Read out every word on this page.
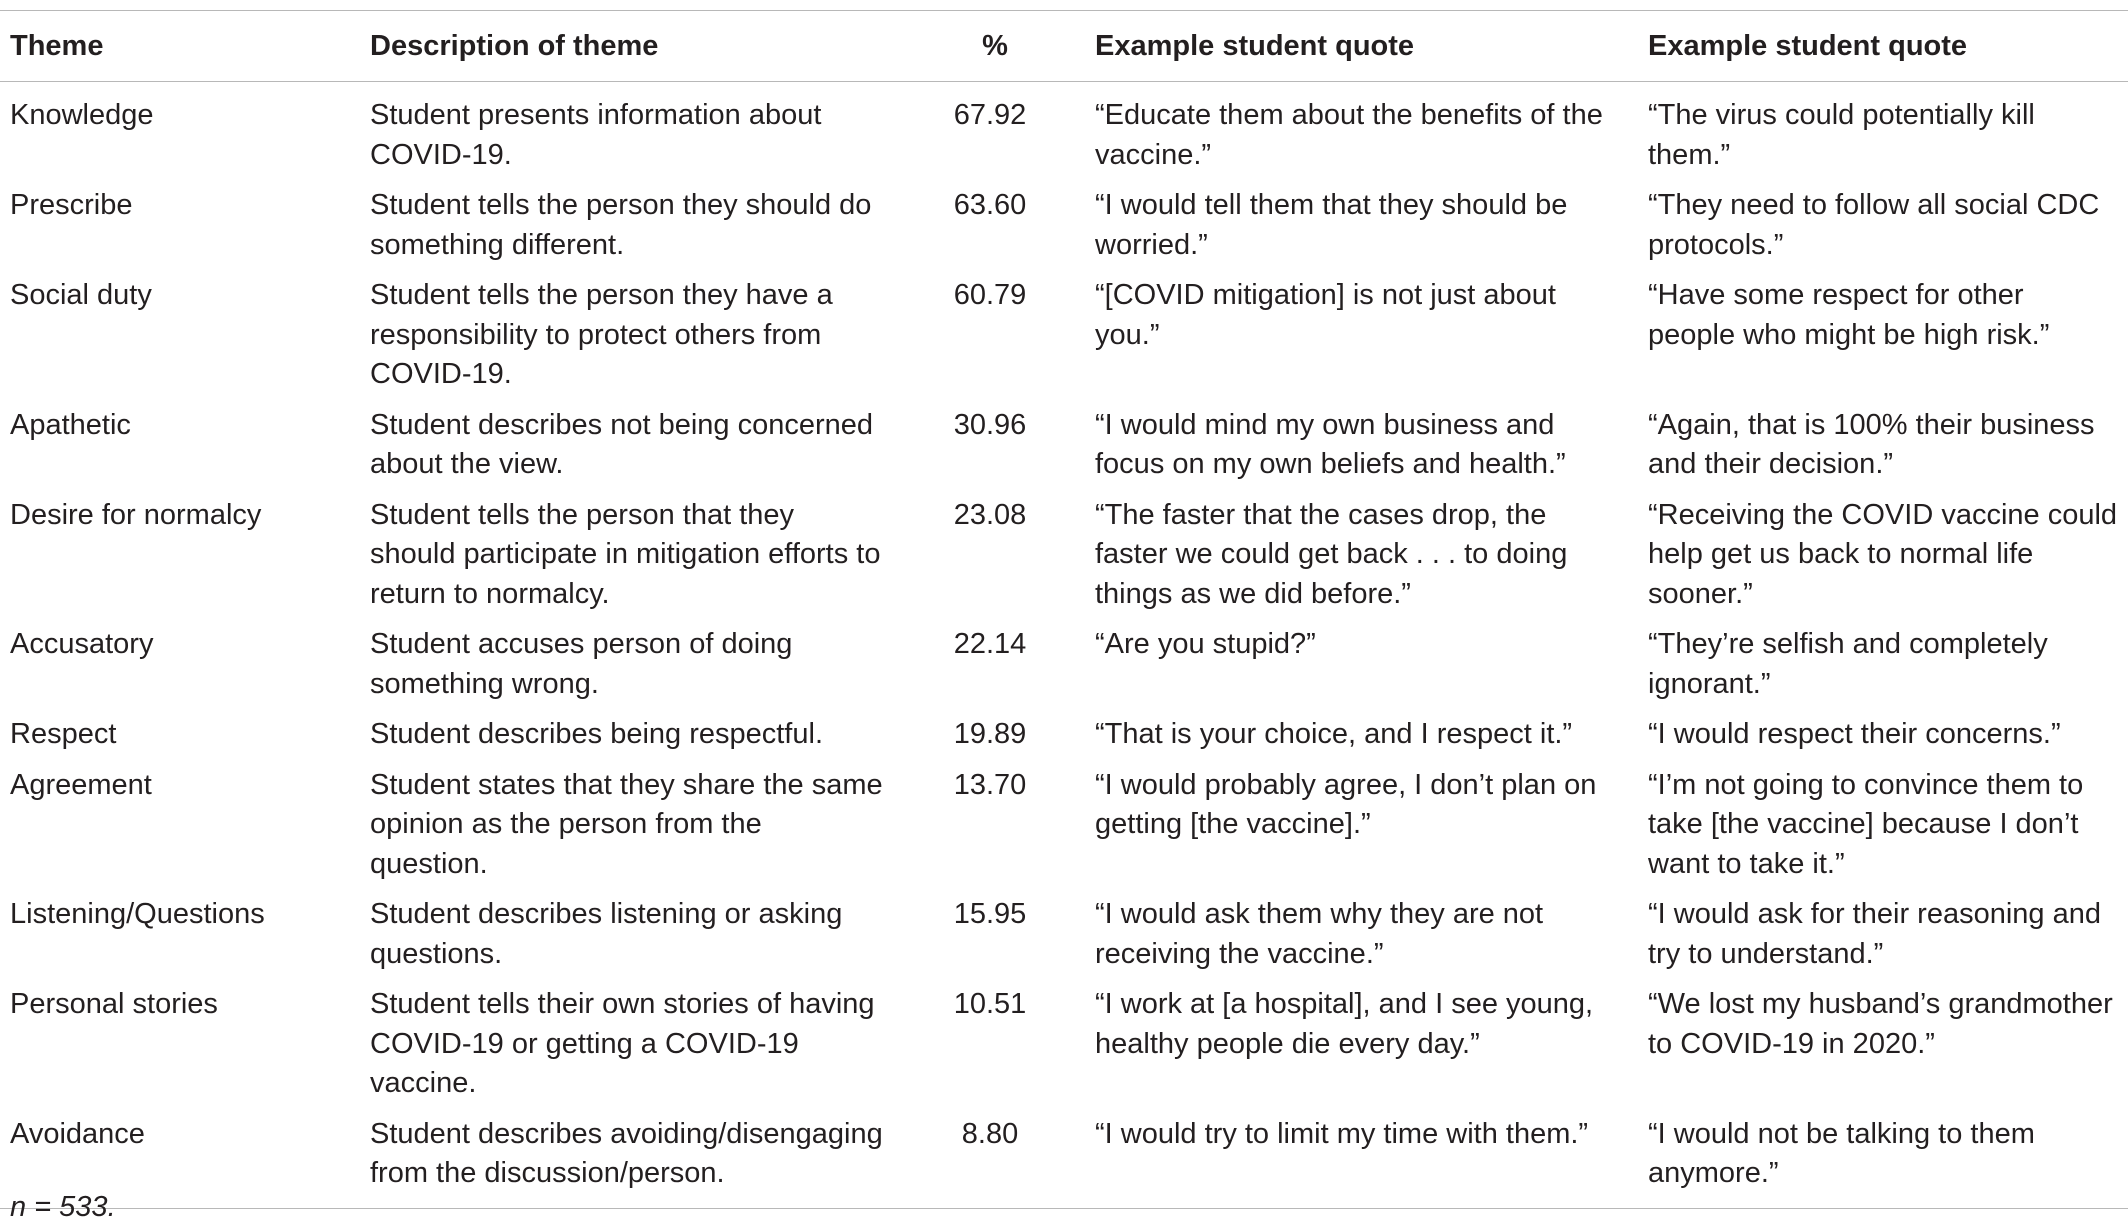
Theme	Description of theme	%	Example student quote	Example student quote
Knowledge	Student presents information about COVID-19.	67.92	“Educate them about the benefits of the vaccine.”	“The virus could potentially kill them.”
Prescribe	Student tells the person they should do something different.	63.60	“I would tell them that they should be worried.”	“They need to follow all social CDC protocols.”
Social duty	Student tells the person they have a responsibility to protect others from COVID-19.	60.79	“[COVID mitigation] is not just about you.”	“Have some respect for other people who might be high risk.”
Apathetic	Student describes not being concerned about the view.	30.96	“I would mind my own business and focus on my own beliefs and health.”	“Again, that is 100% their business and their decision.”
Desire for normalcy	Student tells the person that they should participate in mitigation efforts to return to normalcy.	23.08	“The faster that the cases drop, the faster we could get back . . . to doing things as we did before.”	“Receiving the COVID vaccine could help get us back to normal life sooner.”
Accusatory	Student accuses person of doing something wrong.	22.14	“Are you stupid?”	“They’re selfish and completely ignorant.”
Respect	Student describes being respectful.	19.89	“That is your choice, and I respect it.”	“I would respect their concerns.”
Agreement	Student states that they share the same opinion as the person from the question.	13.70	“I would probably agree, I don’t plan on getting [the vaccine].”	“I’m not going to convince them to take [the vaccine] because I don’t want to take it.”
Listening/Questions	Student describes listening or asking questions.	15.95	“I would ask them why they are not receiving the vaccine.”	“I would ask for their reasoning and try to understand.”
Personal stories	Student tells their own stories of having COVID-19 or getting a COVID-19 vaccine.	10.51	“I work at [a hospital], and I see young, healthy people die every day.”	“We lost my husband’s grandmother to COVID-19 in 2020.”
Avoidance	Student describes avoiding/disengaging from the discussion/person.	8.80	“I would try to limit my time with them.”	“I would not be talking to them anymore.”
n = 533.
